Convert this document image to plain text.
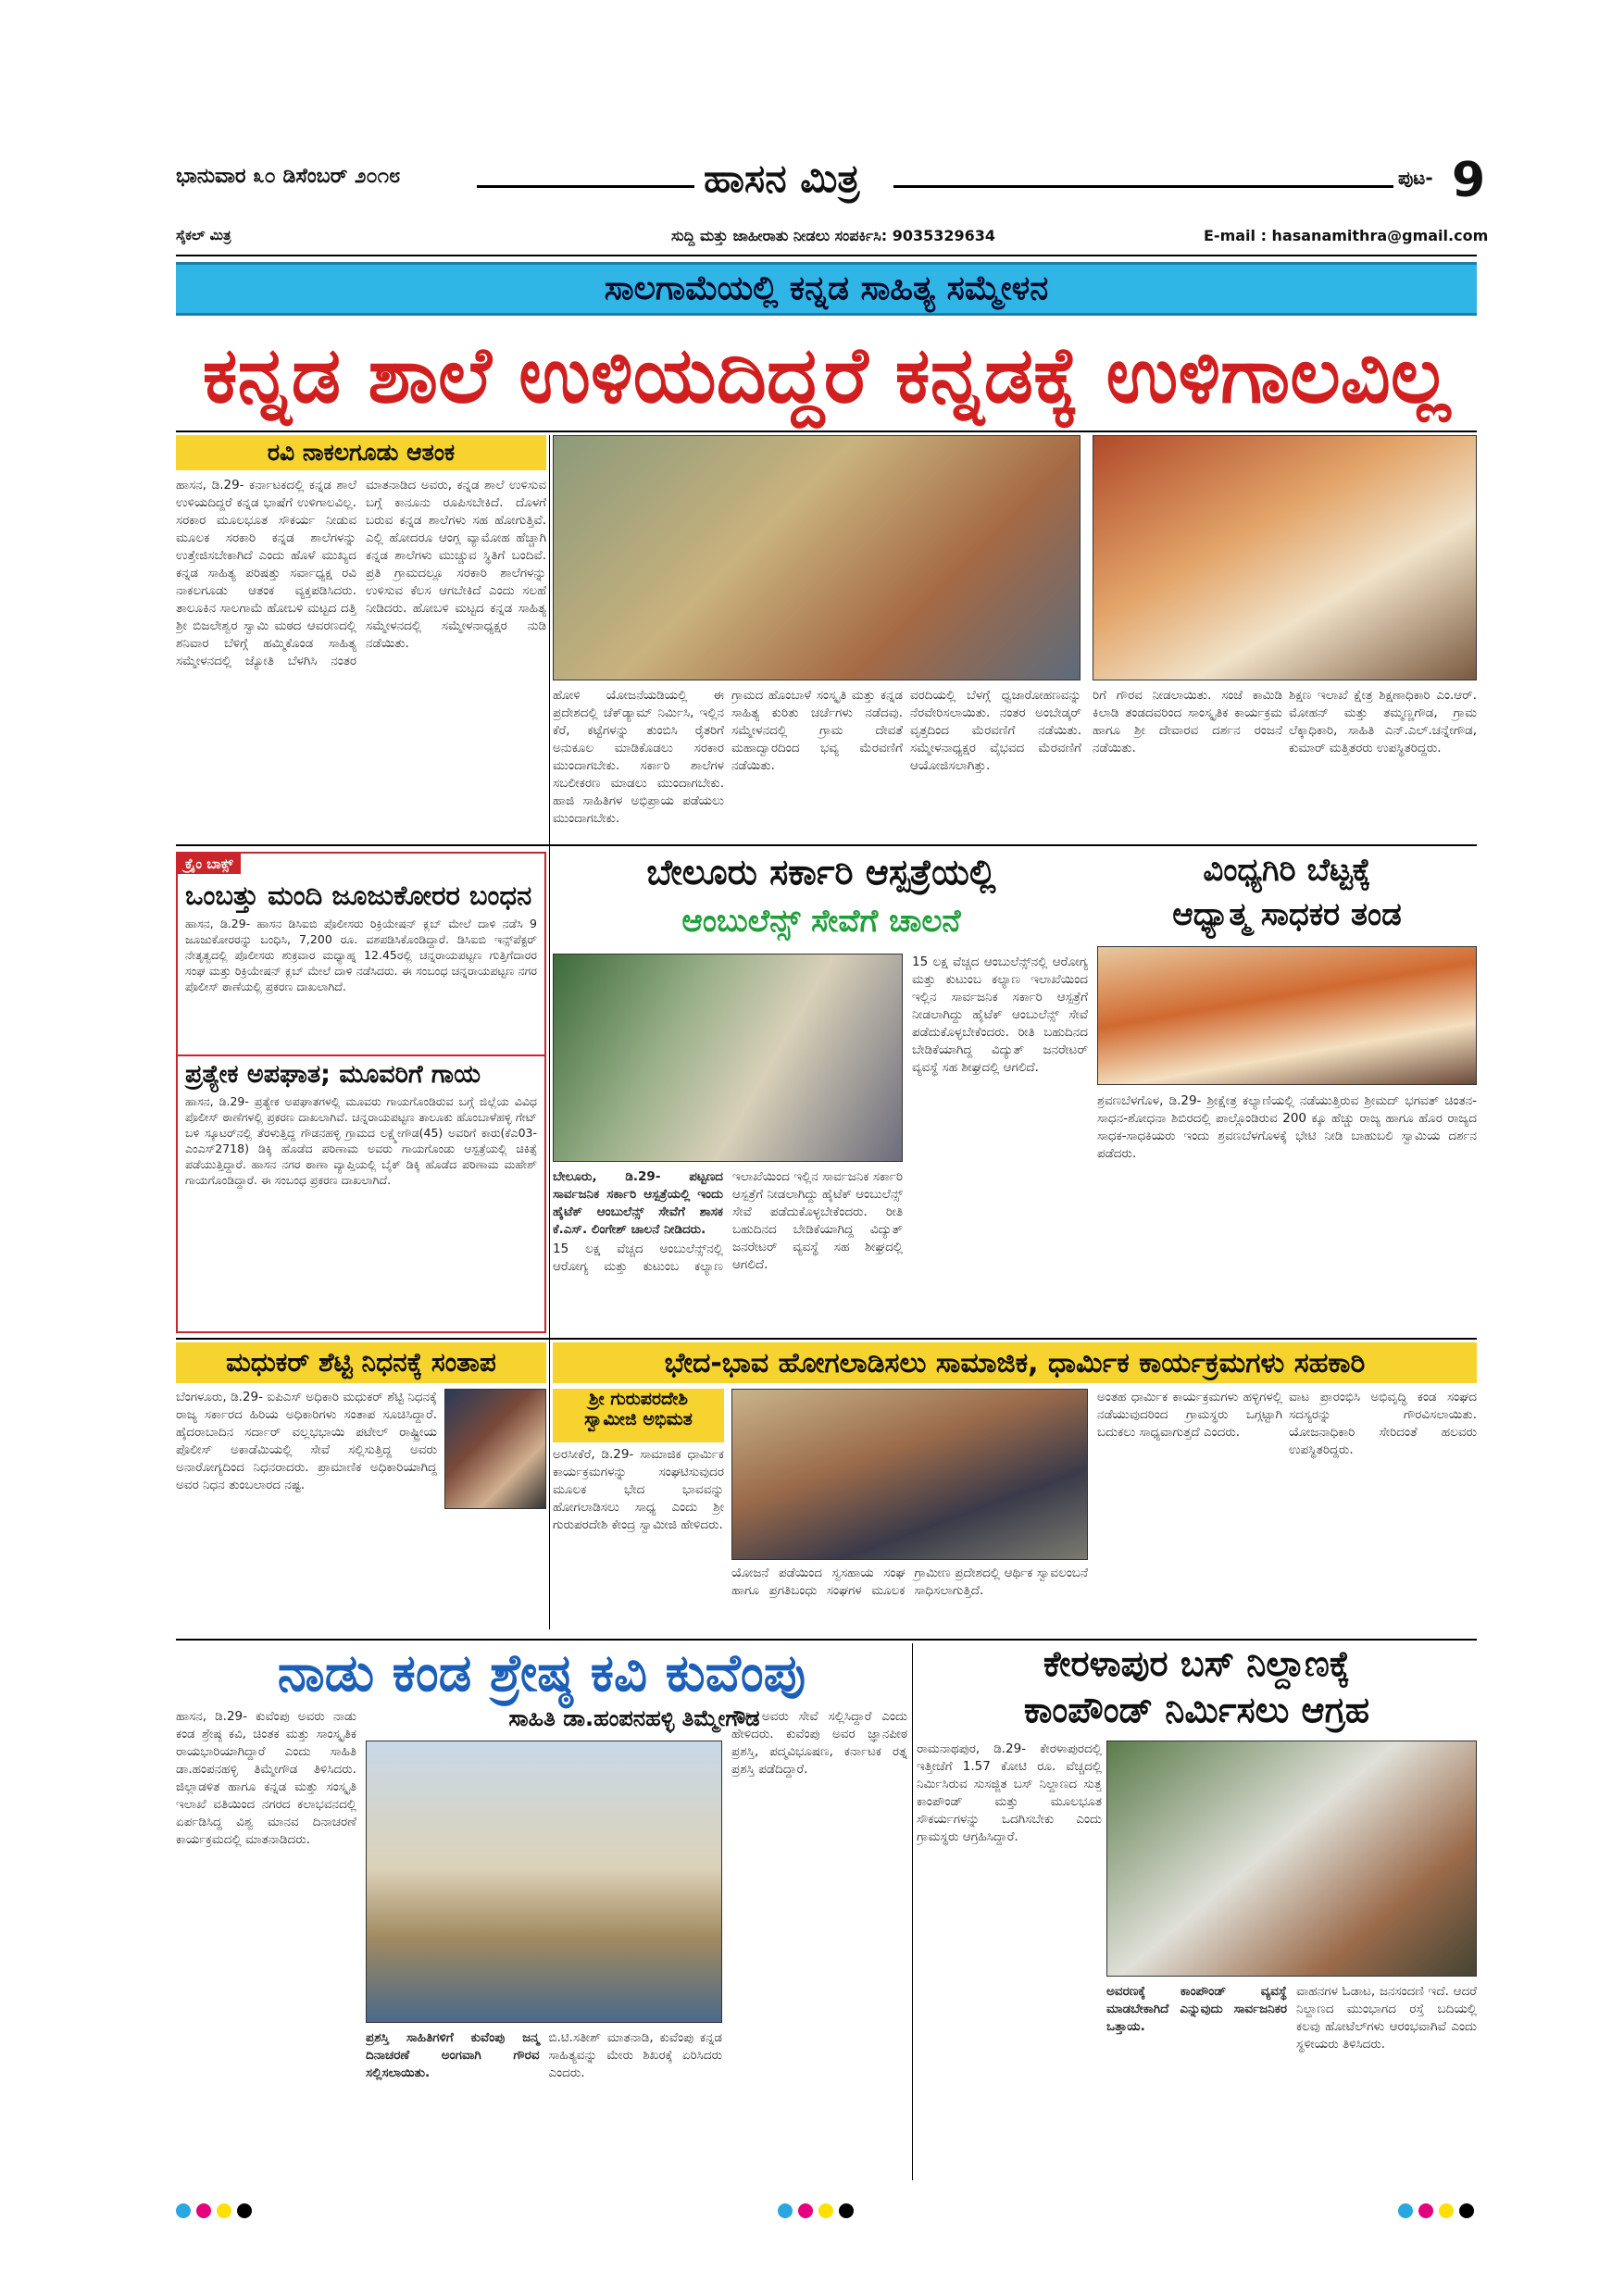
ಭಾನುವಾರ ೩೦ ಡಿಸೆಂಬರ್ ೨೦೧೮	ಹಾಸನ ಮಿತ್ರ	ಪುಟ- 9
ಸೈಕಲ್ ಮಿತ್ರ	ಸುದ್ದಿ ಮತ್ತು ಜಾಹೀರಾತು ನೀಡಲು ಸಂಪರ್ಕಿಸಿ: 9035329634	E-mail : hasanamithra@gmail.com
ಸಾಲಗಾಮೆಯಲ್ಲಿ ಕನ್ನಡ ಸಾಹಿತ್ಯ ಸಮ್ಮೇಳನ
ಕನ್ನಡ ಶಾಲೆ ಉಳಿಯದಿದ್ದರೆ ಕನ್ನಡಕ್ಕೆ ಉಳಿಗಾಲವಿಲ್ಲ
ರವಿ ನಾಕಲಗೂಡು ಆತಂಕ

ಹಾಸನ, ಡಿ.29- ಕರ್ನಾಟಕದಲ್ಲಿ ಕನ್ನಡ ಶಾಲೆ ಉಳಿಯದಿದ್ದರೆ ಕನ್ನಡ ಭಾಷೆಗೆ ಉಳಿಗಾಲವಿಲ್ಲ. ಸರಕಾರ ಮೂಲಭೂತ ಸೌಕರ್ಯ ನೀಡುವ ಮೂಲಕ ಸರಕಾರಿ ಕನ್ನಡ ಶಾಲೆಗಳನ್ನು ಉತ್ತೇಜಿಸಬೇಕಾಗಿದೆ ಎಂದು ಹೊಳೆ ಮುಖ್ಯದ ಕನ್ನಡ ಸಾಹಿತ್ಯ ಪರಿಷತ್ತು ಸರ್ವಾಧ್ಯಕ್ಷ ರವಿ ನಾಕಲಗೂಡು ಆತಂಕ ವ್ಯಕ್ತಪಡಿಸಿದರು. ತಾಲೂಕಿನ ಸಾಲಗಾಮೆ ಹೋಬಳಿ ಮಟ್ಟದ ದತ್ತಿ ಶ್ರೀ ಬಿಜಲೇಶ್ವರ ಸ್ವಾಮಿ ಮಠದ ಆವರಣದಲ್ಲಿ ಶನಿವಾರ ಬೆಳಿಗ್ಗೆ ಹಮ್ಮಿಕೊಂಡ ಸಾಹಿತ್ಯ ಸಮ್ಮೇಳನದಲ್ಲಿ ಜ್ಯೋತಿ ಬೆಳಗಿಸಿ ನಂತರ ಮಾತನಾಡಿದ ಅವರು, ಕನ್ನಡ ಶಾಲೆ ಉಳಿಸುವ ಬಗ್ಗೆ ಕಾನೂನು ರೂಪಿಸಬೇಕಿದೆ. ದೊಳಗೆ ಬರುವ ಕನ್ನಡ ಶಾಲೆಗಳು ಸಹ ಹೋಗುತ್ತಿವೆ. ಎಲ್ಲಿ ಹೋದರೂ ಆಂಗ್ಲ ವ್ಯಾಮೋಹ ಹೆಚ್ಚಾಗಿ ಕನ್ನಡ ಶಾಲೆಗಳು ಮುಚ್ಚುವ ಸ್ಥಿತಿಗೆ ಬಂದಿವೆ. ಪ್ರತಿ ಗ್ರಾಮದಲ್ಲೂ ಸರಕಾರಿ ಶಾಲೆಗಳನ್ನು ಉಳಿಸುವ ಕೆಲಸ ಆಗಬೇಕಿದೆ ಎಂದು ಸಲಹೆ ನೀಡಿದರು. ಹೋಬಳಿ ಮಟ್ಟದ ಕನ್ನಡ ಸಾಹಿತ್ಯ ಸಮ್ಮೇಳನದಲ್ಲಿ ಸಮ್ಮೇಳನಾಧ್ಯಕ್ಷರ ನುಡಿ ನಡೆಯಿತು.

ಹೋಳಿ ಯೋಜನೆಯಡಿಯಲ್ಲಿ ಈ ಪ್ರದೇಶದಲ್ಲಿ ಚೆಕ್‌ಡ್ಯಾಮ್ ನಿರ್ಮಿಸಿ, ಇಲ್ಲಿನ ಕೆರೆ, ಕಟ್ಟೆಗಳನ್ನು ತುಂಬಿಸಿ ರೈತರಿಗೆ ಅನುಕೂಲ ಮಾಡಿಕೊಡಲು ಸರಕಾರ ಮುಂದಾಗಬೇಕು. ಸರ್ಕಾರಿ ಶಾಲೆಗಳ ಸಬಲೀಕರಣ ಮಾಡಲು ಮುಂದಾಗಬೇಕು. ಹಾಜಿ ಸಾಹಿತಿಗಳ ಅಭಿಪ್ರಾಯ ಪಡೆಯಲು ಮುಂದಾಗಬೇಕು.

ಗ್ರಾಮದ ಹೊಂಬಾಳೆ ಸಂಸ್ಕೃತಿ ಮತ್ತು ಕನ್ನಡ ಸಾಹಿತ್ಯ ಕುರಿತು ಚರ್ಚೆಗಳು ನಡೆದವು. ಸಮ್ಮೇಳನದಲ್ಲಿ ಗ್ರಾಮ ದೇವತೆ ಮಹಾದ್ವಾರದಿಂದ ಭವ್ಯ ಮೆರವಣಿಗೆ ನಡೆಯಿತು.

ವರದಿಯಲ್ಲಿ ಬೆಳಗ್ಗೆ ಧ್ವಜಾರೋಹಣವನ್ನು ನೆರವೇರಿಸಲಾಯಿತು. ನಂತರ ಅಂಬೇಡ್ಕರ್ ವೃತ್ತದಿಂದ ಮೆರವಣಿಗೆ ನಡೆಯಿತು. ಸಮ್ಮೇಳನಾಧ್ಯಕ್ಷರ ವೈಭವದ ಮೆರವಣಿಗೆ ಆಯೋಜಿಸಲಾಗಿತ್ತು.

ರಿಗೆ ಗೌರವ ನೀಡಲಾಯಿತು. ಸಂಜೆ ಕಾಮಿಡಿ ಕಿಲಾಡಿ ತಂಡದವರಿಂದ ಸಾಂಸ್ಕೃತಿಕ ಕಾರ್ಯಕ್ರಮ ಹಾಗೂ ಶ್ರೀ ದೇವಾರವ ದರ್ಶನ ರಂಜನೆ ನಡೆಯಿತು.

ಶಿಕ್ಷಣ ಇಲಾಖೆ ಕ್ಷೇತ್ರ ಶಿಕ್ಷಣಾಧಿಕಾರಿ ಎಂ.ಆರ್. ಮೋಹನ್ ಮತ್ತು ತಮ್ಮಣ್ಣಗೌಡ, ಗ್ರಾಮ ಲೆಕ್ಕಾಧಿಕಾರಿ, ಸಾಹಿತಿ ಎನ್.ಎಲ್.ಚನ್ನೇಗೌಡ, ಕುಮಾರ್ ಮತ್ತಿತರರು ಉಪಸ್ಥಿತರಿದ್ದರು.

ಕ್ರೈಂ ಬಾಕ್ಸ್
ಒಂಬತ್ತು ಮಂದಿ ಜೂಜುಕೋರರ ಬಂಧನ

ಹಾಸನ, ಡಿ.29- ಹಾಸನ ಡಿಸಿಐಬಿ ಪೊಲೀಸರು ರಿಕ್ರಿಯೇಷನ್ ಕ್ಲಬ್ ಮೇಲೆ ದಾಳಿ ನಡೆಸಿ 9 ಜೂಜುಕೋರರನ್ನು ಬಂಧಿಸಿ, 7,200 ರೂ. ವಶಪಡಿಸಿಕೊಂಡಿದ್ದಾರೆ. ಡಿಸಿಐಬಿ ಇನ್ಸ್‌ಪೆಕ್ಟರ್ ನೇತೃತ್ವದಲ್ಲಿ ಪೊಲೀಸರು ಶುಕ್ರವಾರ ಮಧ್ಯಾಹ್ನ 12.45ರಲ್ಲಿ ಚನ್ನರಾಯಪಟ್ಟಣ ಗುತ್ತಿಗೆದಾರರ ಸಂಘ ಮತ್ತು ರಿಕ್ರಿಯೇಷನ್ ಕ್ಲಬ್ ಮೇಲೆ ದಾಳಿ ನಡೆಸಿದರು. ಈ ಸಂಬಂಧ ಚನ್ನರಾಯಪಟ್ಟಣ ನಗರ ಪೊಲೀಸ್ ಠಾಣೆಯಲ್ಲಿ ಪ್ರಕರಣ ದಾಖಲಾಗಿದೆ.

ಪ್ರತ್ಯೇಕ ಅಪಘಾತ; ಮೂವರಿಗೆ ಗಾಯ

ಹಾಸನ, ಡಿ.29- ಪ್ರತ್ಯೇಕ ಅಪಘಾತಗಳಲ್ಲಿ ಮೂವರು ಗಾಯಗೊಂಡಿರುವ ಬಗ್ಗೆ ಜಿಲ್ಲೆಯ ವಿವಿಧ ಪೊಲೀಸ್ ಠಾಣೆಗಳಲ್ಲಿ ಪ್ರಕರಣ ದಾಖಲಾಗಿವೆ. ಚನ್ನರಾಯಪಟ್ಟಣ ತಾಲೂಕು ಹೊಂಬಾಳೆಹಳ್ಳಿ ಗೇಟ್ ಬಳಿ ಸ್ಕೂಟರ್‌ನಲ್ಲಿ ತೆರಳುತ್ತಿದ್ದ ಗೌಡನಹಳ್ಳಿ ಗ್ರಾಮದ ಲಕ್ಷ್ಮೇಗೌಡ(45) ಅವರಿಗೆ ಕಾರು(ಕೆಎ03-ಎಂಎಸ್2718) ಡಿಕ್ಕಿ ಹೊಡೆದ ಪರಿಣಾಮ ಅವರು ಗಾಯಗೊಂಡು ಆಸ್ಪತ್ರೆಯಲ್ಲಿ ಚಿಕಿತ್ಸೆ ಪಡೆಯುತ್ತಿದ್ದಾರೆ. ಹಾಸನ ನಗರ ಠಾಣಾ ವ್ಯಾಪ್ತಿಯಲ್ಲಿ ಬೈಕ್ ಡಿಕ್ಕಿ ಹೊಡೆದ ಪರಿಣಾಮ ಮಹೇಶ್ ಗಾಯಗೊಂಡಿದ್ದಾರೆ. ಈ ಸಂಬಂಧ ಪ್ರಕರಣ ದಾಖಲಾಗಿದೆ.

ಬೇಲೂರು ಸರ್ಕಾರಿ ಆಸ್ಪತ್ರೆಯಲ್ಲಿ
ಆಂಬುಲೆನ್ಸ್ ಸೇವೆಗೆ ಚಾಲನೆ

ಬೇಲೂರು, ಡಿ.29- ಪಟ್ಟಣದ ಸಾರ್ವಜನಿಕ ಸರ್ಕಾರಿ ಆಸ್ಪತ್ರೆಯಲ್ಲಿ ಇಂದು ಹೈಟೆಕ್ ಆಂಬುಲೆನ್ಸ್ ಸೇವೆಗೆ ಶಾಸಕ ಕೆ.ಎಸ್. ಲಿಂಗೇಶ್ ಚಾಲನೆ ನೀಡಿದರು.

15 ಲಕ್ಷ ವೆಚ್ಚದ ಆಂಬುಲೆನ್ಸ್‌ನಲ್ಲಿ ಆರೋಗ್ಯ ಮತ್ತು ಕುಟುಂಬ ಕಲ್ಯಾಣ ಇಲಾಖೆಯಿಂದ ಇಲ್ಲಿನ ಸಾರ್ವಜನಿಕ ಸರ್ಕಾರಿ ಆಸ್ಪತ್ರೆಗೆ ನೀಡಲಾಗಿದ್ದು ಹೈಟೆಕ್ ಆಂಬುಲೆನ್ಸ್ ಸೇವೆ ಪಡೆದುಕೊಳ್ಳಬೇಕೆಂದರು. ರೀತಿ ಬಹುದಿನದ ಬೇಡಿಕೆಯಾಗಿದ್ದ ವಿದ್ಯುತ್ ಜನರೇಟರ್ ವ್ಯವಸ್ಥೆ ಸಹ ಶೀಘ್ರದಲ್ಲಿ ಆಗಲಿದೆ.

15 ಲಕ್ಷ ವೆಚ್ಚದ ಆಂಬುಲೆನ್ಸ್‌ನಲ್ಲಿ ಆರೋಗ್ಯ ಮತ್ತು ಕುಟುಂಬ ಕಲ್ಯಾಣ ಇಲಾಖೆಯಿಂದ ಇಲ್ಲಿನ ಸಾರ್ವಜನಿಕ ಸರ್ಕಾರಿ ಆಸ್ಪತ್ರೆಗೆ ನೀಡಲಾಗಿದ್ದು ಹೈಟೆಕ್ ಆಂಬುಲೆನ್ಸ್ ಸೇವೆ ಪಡೆದುಕೊಳ್ಳಬೇಕೆಂದರು. ರೀತಿ ಬಹುದಿನದ ಬೇಡಿಕೆಯಾಗಿದ್ದ ವಿದ್ಯುತ್ ಜನರೇಟರ್ ವ್ಯವಸ್ಥೆ ಸಹ ಶೀಘ್ರದಲ್ಲಿ ಆಗಲಿದೆ.

ವಿಂಧ್ಯಗಿರಿ ಬೆಟ್ಟಕ್ಕೆ
ಆಧ್ಯಾತ್ಮ ಸಾಧಕರ ತಂಡ

ಶ್ರವಣಬೆಳಗೊಳ, ಡಿ.29- ಶ್ರೀಕ್ಷೇತ್ರ ಕಲ್ಯಾಣಿಯಲ್ಲಿ ನಡೆಯುತ್ತಿರುವ ಶ್ರೀಮದ್ ಭಗವತ್ ಚಿಂತನ-ಸಾಧನ-ಶೋಧನಾ ಶಿಬಿರದಲ್ಲಿ ಪಾಲ್ಗೊಂಡಿರುವ 200 ಕ್ಕೂ ಹೆಚ್ಚು ರಾಜ್ಯ ಹಾಗೂ ಹೊರ ರಾಜ್ಯದ ಸಾಧಕ-ಸಾಧಕಿಯರು ಇಂದು ಶ್ರವಣಬೆಳಗೊಳಕ್ಕೆ ಭೇಟಿ ನೀಡಿ ಬಾಹುಬಲಿ ಸ್ವಾಮಿಯ ದರ್ಶನ ಪಡೆದರು.

ಮಧುಕರ್ ಶೆಟ್ಟಿ ನಿಧನಕ್ಕೆ ಸಂತಾಪ

ಬೆಂಗಳೂರು, ಡಿ.29- ಐಪಿಎಸ್ ಅಧಿಕಾರಿ ಮಧುಕರ್ ಶೆಟ್ಟಿ ನಿಧನಕ್ಕೆ ರಾಜ್ಯ ಸರ್ಕಾರದ ಹಿರಿಯ ಅಧಿಕಾರಿಗಳು ಸಂತಾಪ ಸೂಚಿಸಿದ್ದಾರೆ. ಹೈದರಾಬಾದಿನ ಸರ್ದಾರ್ ವಲ್ಲಭಭಾಯಿ ಪಟೇಲ್ ರಾಷ್ಟ್ರೀಯ ಪೊಲೀಸ್ ಅಕಾಡೆಮಿಯಲ್ಲಿ ಸೇವೆ ಸಲ್ಲಿಸುತ್ತಿದ್ದ ಅವರು ಅನಾರೋಗ್ಯದಿಂದ ನಿಧನರಾದರು. ಪ್ರಾಮಾಣಿಕ ಅಧಿಕಾರಿಯಾಗಿದ್ದ ಅವರ ನಿಧನ ತುಂಬಲಾರದ ನಷ್ಟ.

ಭೇದ-ಭಾವ ಹೋಗಲಾಡಿಸಲು ಸಾಮಾಜಿಕ, ಧಾರ್ಮಿಕ ಕಾರ್ಯಕ್ರಮಗಳು ಸಹಕಾರಿ
ಶ್ರೀ ಗುರುಪರದೇಶಿ
ಸ್ವಾಮೀಜಿ ಅಭಿಮತ

ಅರಸೀಕೆರೆ, ಡಿ.29- ಸಾಮಾಜಿಕ ಧಾರ್ಮಿಕ ಕಾರ್ಯಕ್ರಮಗಳನ್ನು ಸಂಘಟಿಸುವುದರ ಮೂಲಕ ಭೇದ ಭಾವವನ್ನು ಹೋಗಲಾಡಿಸಲು ಸಾಧ್ಯ ಎಂದು ಶ್ರೀ ಗುರುಪರದೇಶಿ ಕೇಂದ್ರ ಸ್ವಾಮೀಜಿ ಹೇಳಿದರು.

ಯೋಜನೆ ಪಡೆಯಿಂದ ಸ್ವಸಹಾಯ ಸಂಘ ಹಾಗೂ ಪ್ರಗತಿಬಂಧು ಸಂಘಗಳ ಮೂಲಕ ಗ್ರಾಮೀಣ ಪ್ರದೇಶದಲ್ಲಿ ಆರ್ಥಿಕ ಸ್ವಾವಲಂಬನೆ ಸಾಧಿಸಲಾಗುತ್ತಿದೆ.

ಅಂತಹ ಧಾರ್ಮಿಕ ಕಾರ್ಯಕ್ರಮಗಳು ಹಳ್ಳಿಗಳಲ್ಲಿ ನಡೆಯುವುದರಿಂದ ಗ್ರಾಮಸ್ಥರು ಒಗ್ಗಟ್ಟಾಗಿ ಬದುಕಲು ಸಾಧ್ಯವಾಗುತ್ತದೆ ಎಂದರು.

ವಾಟ ಪ್ರಾರಂಭಿಸಿ ಅಭಿವೃದ್ಧಿ ಕಂಡ ಸಂಘದ ಸದಸ್ಯರನ್ನು ಗೌರವಿಸಲಾಯಿತು. ಯೋಜನಾಧಿಕಾರಿ ಸೇರಿದಂತೆ ಹಲವರು ಉಪಸ್ಥಿತರಿದ್ದರು.

ನಾಡು ಕಂಡ ಶ್ರೇಷ್ಠ ಕವಿ ಕುವೆಂಪು
ಸಾಹಿತಿ ಡಾ.ಹಂಪನಹಳ್ಳಿ ತಿಮ್ಮೇಗೌಡ

ಹಾಸನ, ಡಿ.29- ಕುವೆಂಪು ಅವರು ನಾಡು ಕಂಡ ಶ್ರೇಷ್ಠ ಕವಿ, ಚಿಂತಕ ಮತ್ತು ಸಾಂಸ್ಕೃತಿಕ ರಾಯಭಾರಿಯಾಗಿದ್ದಾರೆ ಎಂದು ಸಾಹಿತಿ ಡಾ.ಹಂಪನಹಳ್ಳಿ ತಿಮ್ಮೇಗೌಡ ತಿಳಿಸಿದರು. ಜಿಲ್ಲಾಡಳಿತ ಹಾಗೂ ಕನ್ನಡ ಮತ್ತು ಸಂಸ್ಕೃತಿ ಇಲಾಖೆ ವತಿಯಿಂದ ನಗರದ ಕಲಾಭವನದಲ್ಲಿ ಏರ್ಪಡಿಸಿದ್ದ ವಿಶ್ವ ಮಾನವ ದಿನಾಚರಣೆ ಕಾರ್ಯಕ್ರಮದಲ್ಲಿ ಮಾತನಾಡಿದರು.

ಪ್ರಶಸ್ತಿ ಸಾಹಿತಿಗಳಿಗೆ ಕುವೆಂಪು ಜನ್ಮ ದಿನಾಚರಣೆ ಅಂಗವಾಗಿ ಗೌರವ ಸಲ್ಲಿಸಲಾಯಿತು.

ಬಿ.ಟಿ.ಸತೀಶ್ ಮಾತನಾಡಿ, ಕುವೆಂಪು ಕನ್ನಡ ಸಾಹಿತ್ಯವನ್ನು ಮೇರು ಶಿಖರಕ್ಕೆ ಏರಿಸಿದರು ಎಂದರು.

ಗಳಗಿ ಅವರು ಸೇವೆ ಸಲ್ಲಿಸಿದ್ದಾರೆ ಎಂದು ಹೇಳಿದರು. ಕುವೆಂಪು ಅವರ ಜ್ಞಾನಪೀಠ ಪ್ರಶಸ್ತಿ, ಪದ್ಮವಿಭೂಷಣ, ಕರ್ನಾಟಕ ರತ್ನ ಪ್ರಶಸ್ತಿ ಪಡೆದಿದ್ದಾರೆ.

ಕೇರಳಾಪುರ ಬಸ್ ನಿಲ್ದಾಣಕ್ಕೆ
ಕಾಂಪೌಂಡ್ ನಿರ್ಮಿಸಲು ಆಗ್ರಹ

ರಾಮನಾಥಪುರ, ಡಿ.29- ಕೇರಳಾಪುರದಲ್ಲಿ ಇತ್ತೀಚೆಗೆ 1.57 ಕೋಟಿ ರೂ. ವೆಚ್ಚದಲ್ಲಿ ನಿರ್ಮಿಸಿರುವ ಸುಸಜ್ಜಿತ ಬಸ್ ನಿಲ್ದಾಣದ ಸುತ್ತ ಕಾಂಪೌಂಡ್ ಮತ್ತು ಮೂಲಭೂತ ಸೌಕರ್ಯಗಳನ್ನು ಒದಗಿಸಬೇಕು ಎಂದು ಗ್ರಾಮಸ್ಥರು ಆಗ್ರಹಿಸಿದ್ದಾರೆ.

ಅವರಣಕ್ಕೆ ಕಾಂಪೌಂಡ್ ವ್ಯವಸ್ಥೆ ಮಾಡಬೇಕಾಗಿದೆ ಎನ್ನುವುದು ಸಾರ್ವಜನಿಕರ ಒತ್ತಾಯ.

ವಾಹನಗಳ ಓಡಾಟ, ಜನಸಂದಣಿ ಇದೆ. ಆದರೆ ನಿಲ್ದಾಣದ ಮುಂಭಾಗದ ರಸ್ತೆ ಬದಿಯಲ್ಲಿ ಕಲವು ಹೋಟೆಲ್‌ಗಳು ಆರಂಭವಾಗಿವೆ ಎಂದು ಸ್ಥಳೀಯರು ತಿಳಿಸಿದರು.
